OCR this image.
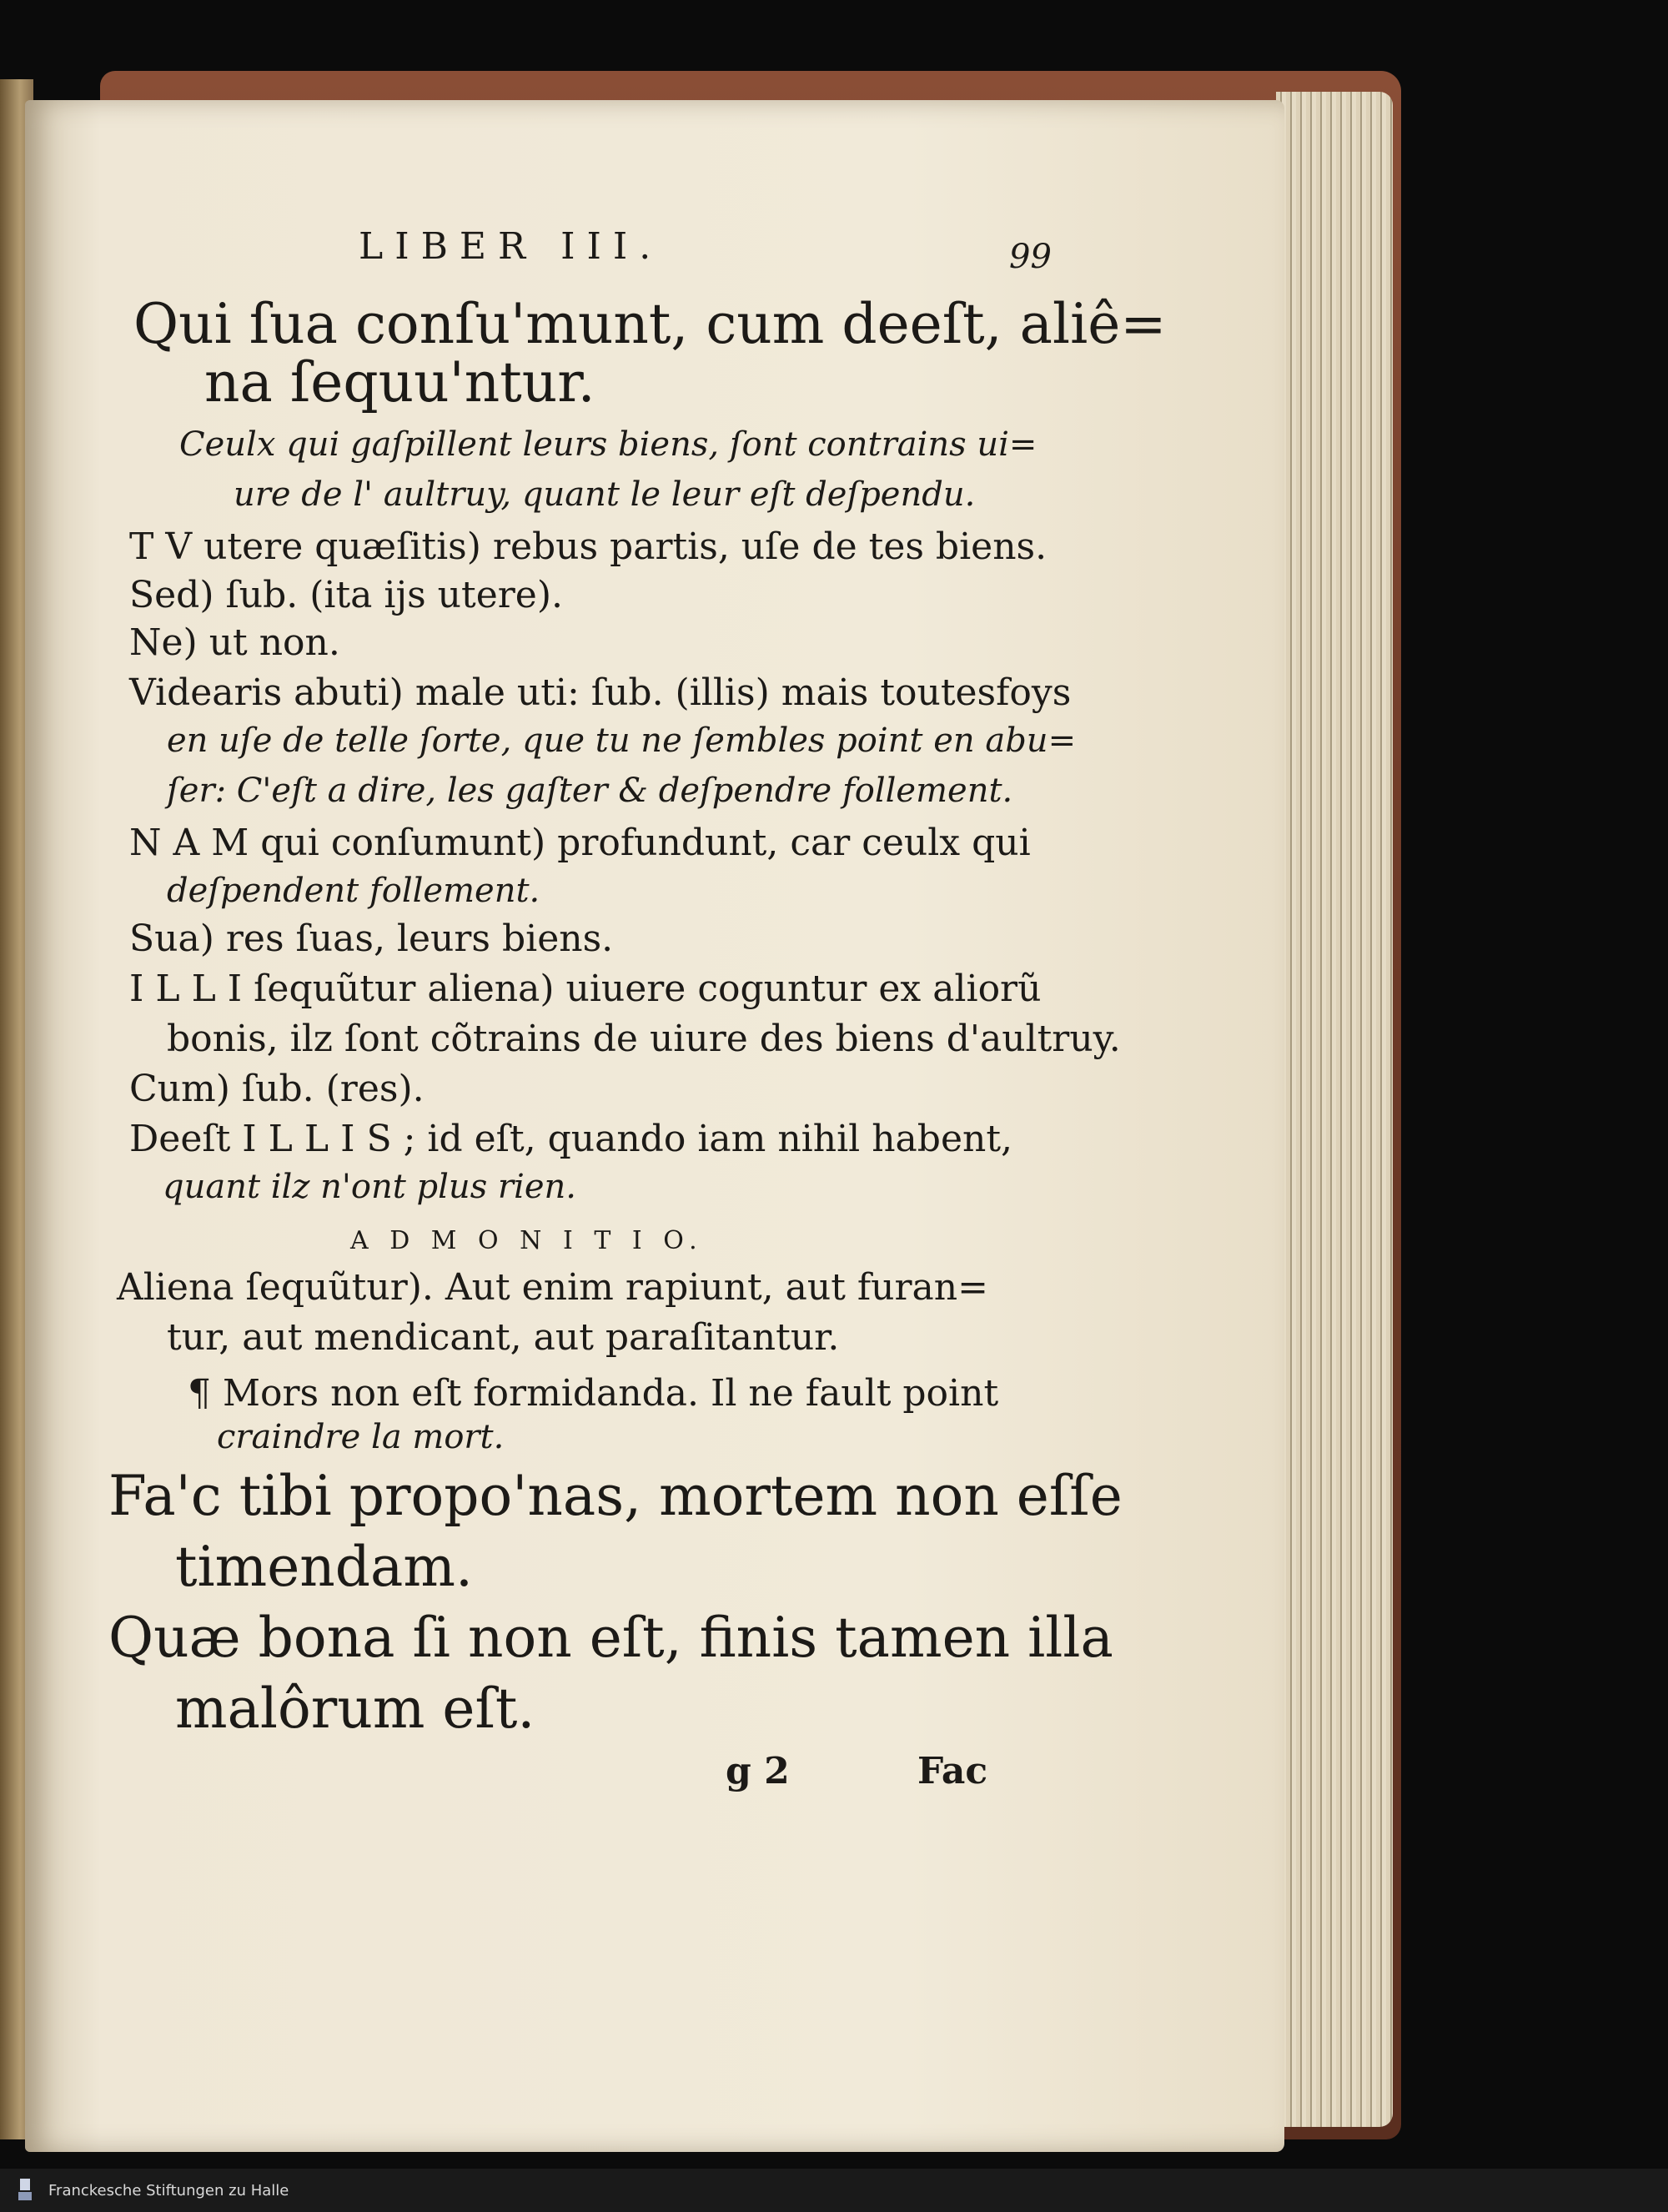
LIBER III.	99
Qui ſua conſu'munt, cum deeſt, aliê=
na ſequu'ntur.
Ceulx qui gaſpillent leurs biens, ſont contrains ui=
ure de l' aultruy, quant le leur eſt deſpendu.
T V utere quæſitis) rebus partis, uſe de tes biens.
Sed) ſub. (ita ijs utere).
Ne) ut non.
Videaris abuti) male uti: ſub. (illis) mais toutesfoys
en uſe de telle ſorte, que tu ne ſembles point en abu=
ſer: C'eſt a dire, les gaſter & deſpendre follement.
N A M qui conſumunt) profundunt, car ceulx qui
deſpendent follement.
Sua) res ſuas, leurs biens.
I L L I ſequũtur aliena) uiuere coguntur ex aliorũ
bonis, ilz ſont cõtrains de uiure des biens d'aultruy.
Cum) ſub. (res).
Deeſt I L L I S ; id eſt, quando iam nihil habent,
quant ilz n'ont plus rien.
A D M O N I T I O.
Aliena ſequũtur). Aut enim rapiunt, aut furan=
tur, aut mendicant, aut paraſitantur.
¶ Mors non eſt formidanda. Il ne fault point
craindre la mort.
Fa'c tibi propo'nas, mortem non eſſe
timendam.
Quæ bona ſi non eſt, finis tamen illa
malôrum eſt.
g 2	Fac
Franckesche Stiftungen zu Halle
